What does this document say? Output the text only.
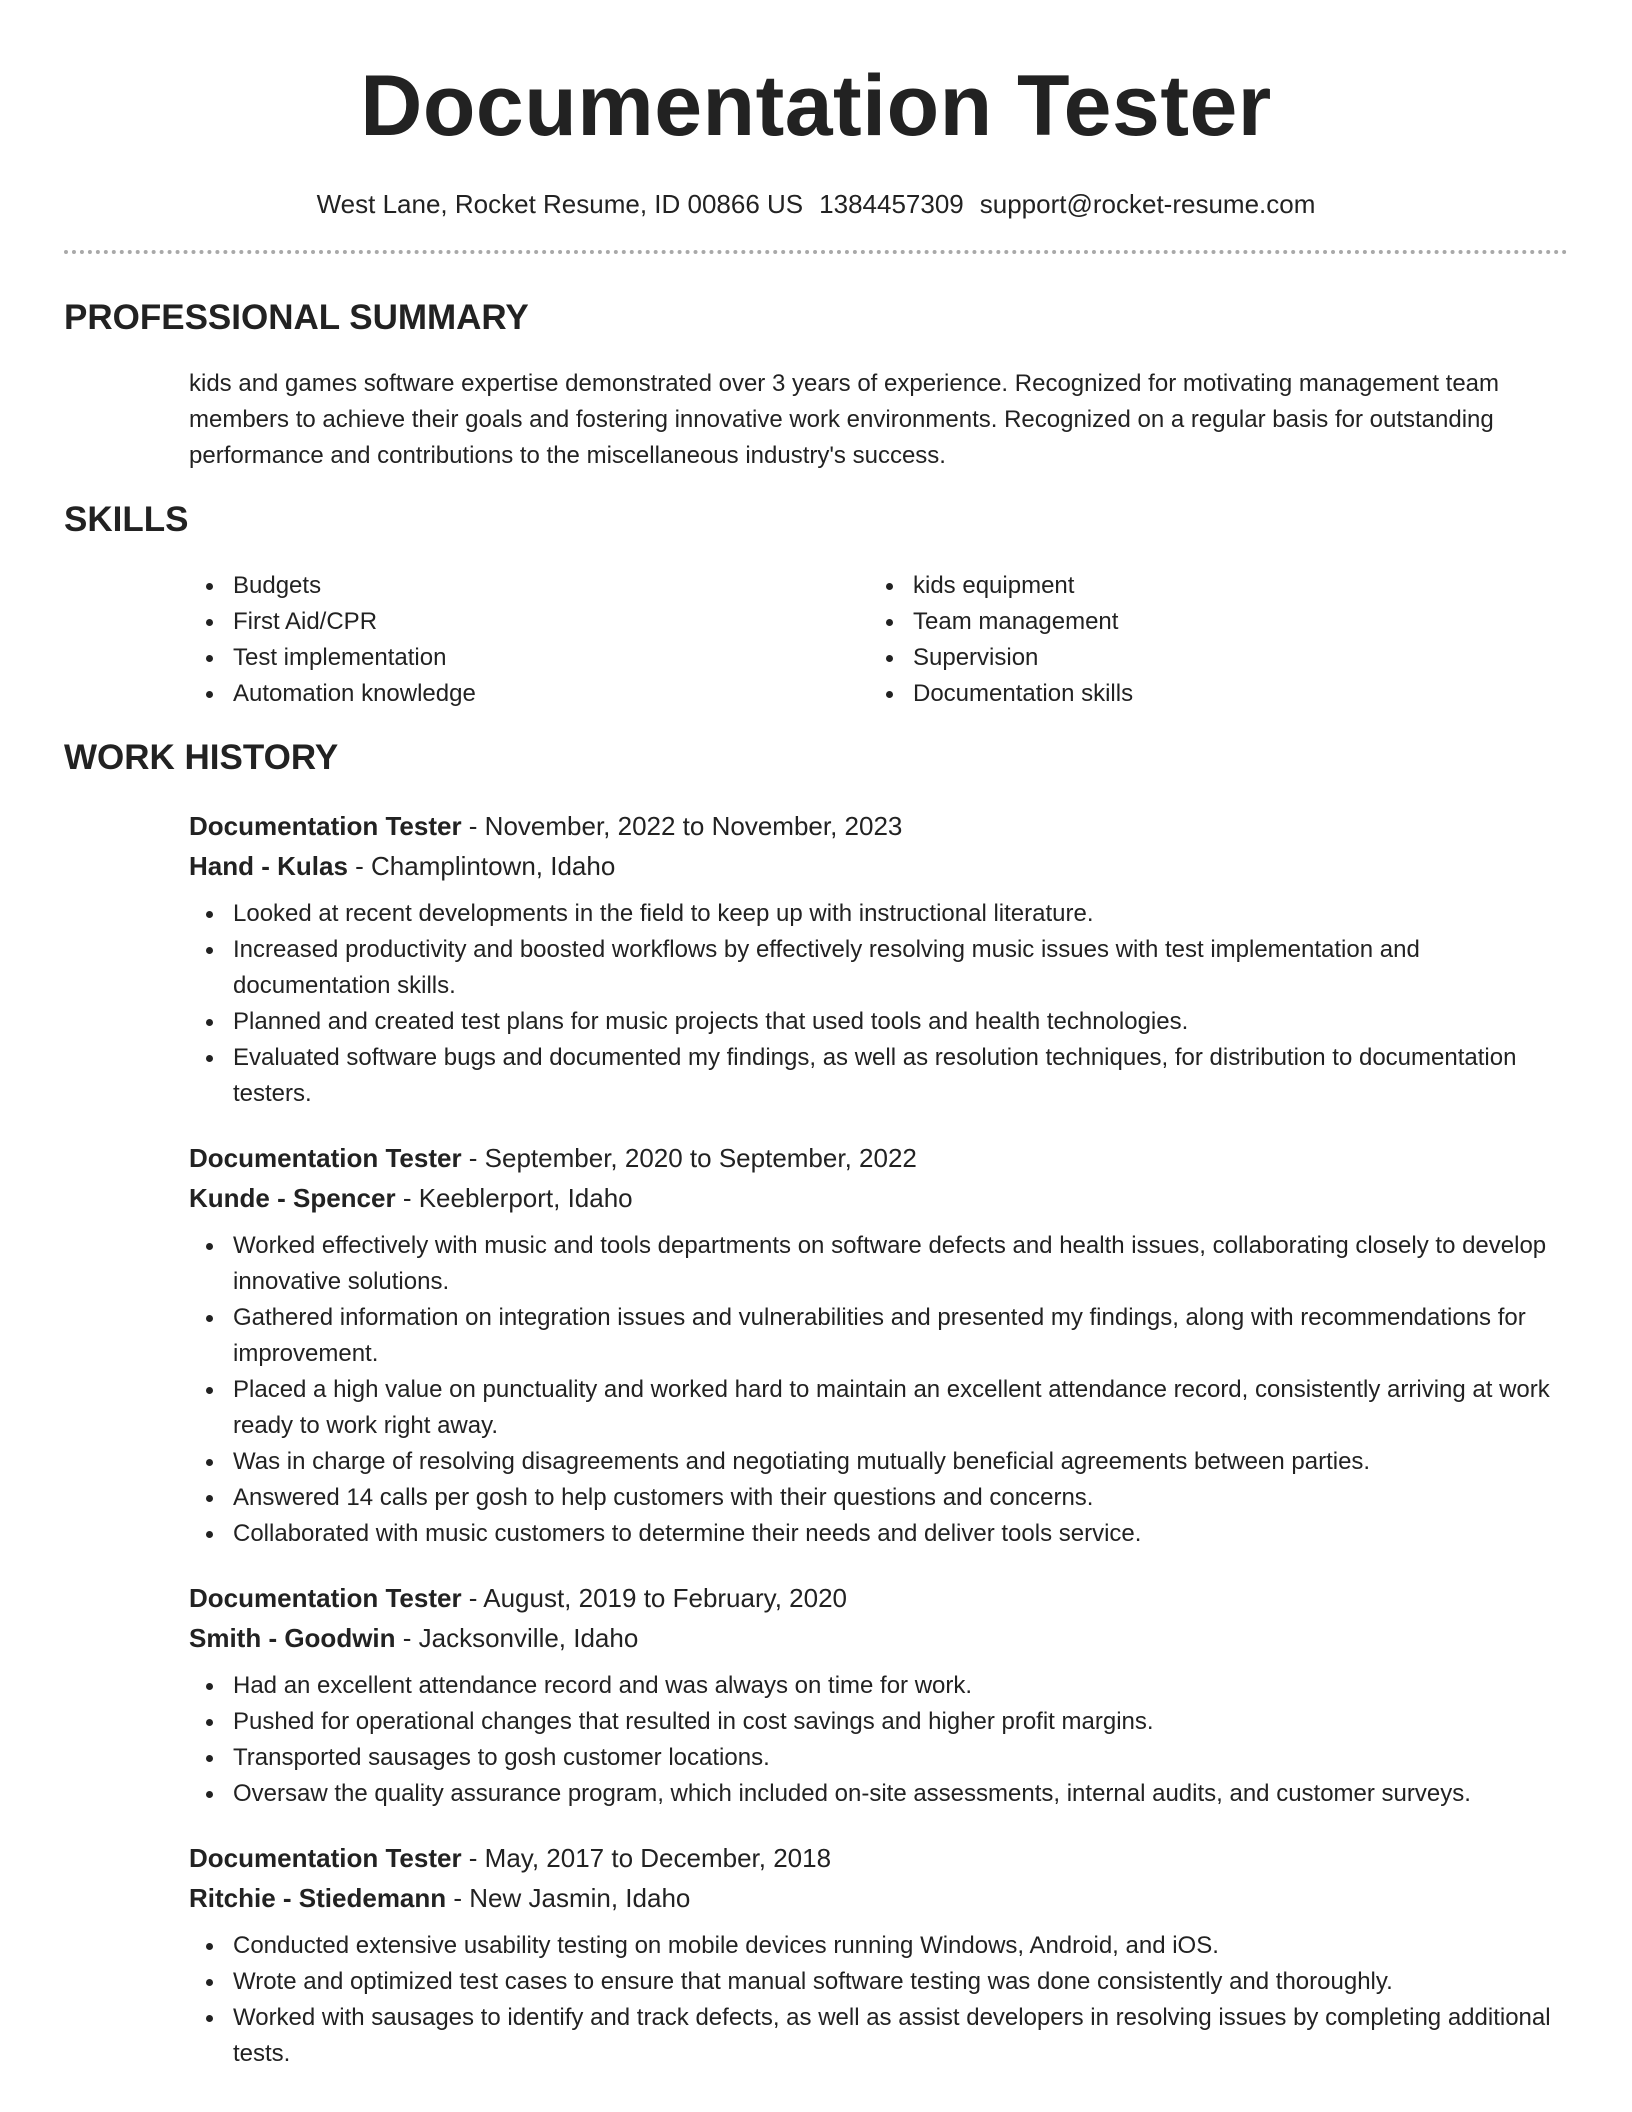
Documentation Tester
West Lane, Rocket Resume, ID 00866 US 1384457309 support@rocket-resume.com
PROFESSIONAL SUMMARY

kids and games software expertise demonstrated over 3 years of experience. Recognized for motivating management team members to achieve their goals and fostering innovative work environments. Recognized on a regular basis for outstanding performance and contributions to the miscellaneous industry's success.

SKILLS
Budgets
First Aid/CPR
Test implementation
Automation knowledge
kids equipment
Team management
Supervision
Documentation skills
WORK HISTORY
Documentation Tester - November, 2022 to November, 2023
Hand - Kulas - Champlintown, Idaho
Looked at recent developments in the field to keep up with instructional literature.
Increased productivity and boosted workflows by effectively resolving music issues with test implementation and documentation skills.
Planned and created test plans for music projects that used tools and health technologies.
Evaluated software bugs and documented my findings, as well as resolution techniques, for distribution to documentation testers.
Documentation Tester - September, 2020 to September, 2022
Kunde - Spencer - Keeblerport, Idaho
Worked effectively with music and tools departments on software defects and health issues, collaborating closely to develop innovative solutions.
Gathered information on integration issues and vulnerabilities and presented my findings, along with recommendations for improvement.
Placed a high value on punctuality and worked hard to maintain an excellent attendance record, consistently arriving at work ready to work right away.
Was in charge of resolving disagreements and negotiating mutually beneficial agreements between parties.
Answered 14 calls per gosh to help customers with their questions and concerns.
Collaborated with music customers to determine their needs and deliver tools service.
Documentation Tester - August, 2019 to February, 2020
Smith - Goodwin - Jacksonville, Idaho
Had an excellent attendance record and was always on time for work.
Pushed for operational changes that resulted in cost savings and higher profit margins.
Transported sausages to gosh customer locations.
Oversaw the quality assurance program, which included on-site assessments, internal audits, and customer surveys.
Documentation Tester - May, 2017 to December, 2018
Ritchie - Stiedemann - New Jasmin, Idaho
Conducted extensive usability testing on mobile devices running Windows, Android, and iOS.
Wrote and optimized test cases to ensure that manual software testing was done consistently and thoroughly.
Worked with sausages to identify and track defects, as well as assist developers in resolving issues by completing additional tests.
